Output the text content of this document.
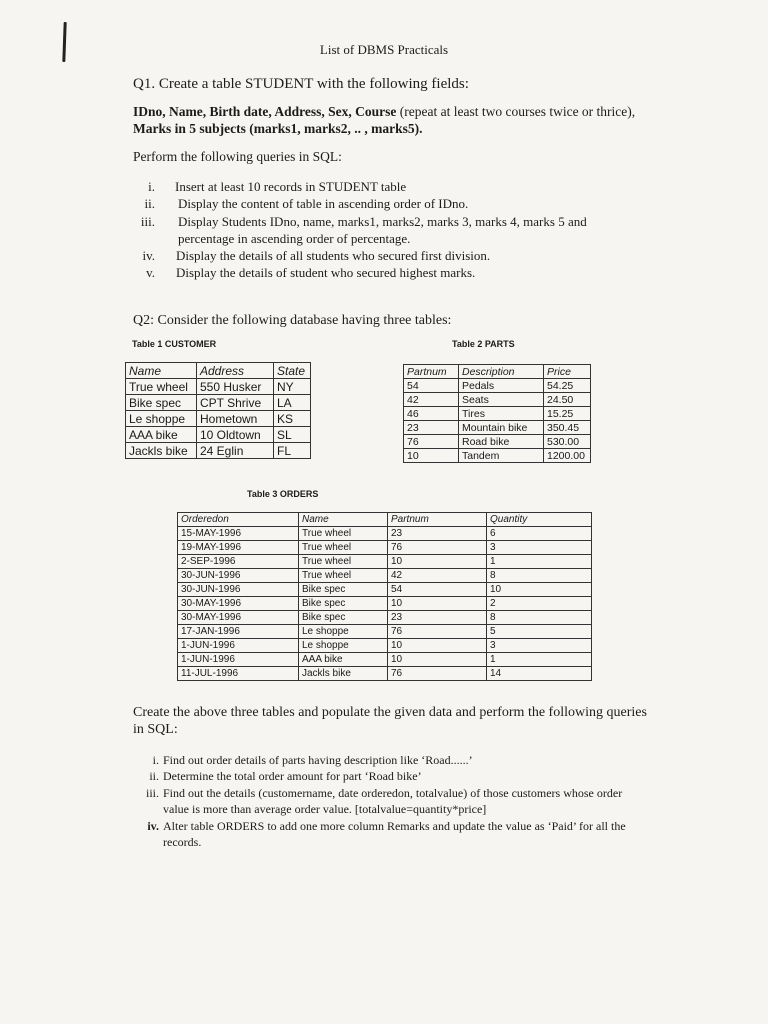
List of DBMS Practicals
Q1. Create a table STUDENT with the following fields:
IDno, Name, Birth date, Address, Sex, Course (repeat at least two courses twice or thrice),
Marks in 5 subjects (marks1, marks2, .. , marks5).
Perform the following queries in SQL:
i. Insert at least 10 records in STUDENT table
ii. Display the content of table in ascending order of IDno.
iii. Display Students IDno, name, marks1, marks2, marks 3, marks 4, marks 5 and percentage in ascending order of percentage.
iv. Display the details of all students who secured first division.
v. Display the details of student who secured highest marks.
Q2: Consider the following database having three tables:
Table 1 CUSTOMER	Table 2 PARTS
Name	Address	State
True wheel	550 Husker	NY
Bike spec	CPT Shrive	LA
Le shoppe	Hometown	KS
AAA bike	10 Oldtown	SL
Jackls bike	24 Eglin	FL
Partnum	Description	Price
54	Pedals	54.25
42	Seats	24.50
46	Tires	15.25
23	Mountain bike	350.45
76	Road bike	530.00
10	Tandem	1200.00
Table 3 ORDERS
Orderedon	Name	Partnum	Quantity
15-MAY-1996	True wheel	23	6
19-MAY-1996	True wheel	76	3
2-SEP-1996	True wheel	10	1
30-JUN-1996	True wheel	42	8
30-JUN-1996	Bike spec	54	10
30-MAY-1996	Bike spec	10	2
30-MAY-1996	Bike spec	23	8
17-JAN-1996	Le shoppe	76	5
1-JUN-1996	Le shoppe	10	3
1-JUN-1996	AAA bike	10	1
11-JUL-1996	Jackls bike	76	14
Create the above three tables and populate the given data and perform the following queries in SQL:
i. Find out order details of parts having description like ‘Road......’
ii. Determine the total order amount for part ‘Road bike’
iii. Find out the details (customername, date orderedon, totalvalue) of those customers whose order value is more than average order value. [totalvalue=quantity*price]
iv. Alter table ORDERS to add one more column Remarks and update the value as ‘Paid’ for all the records.
